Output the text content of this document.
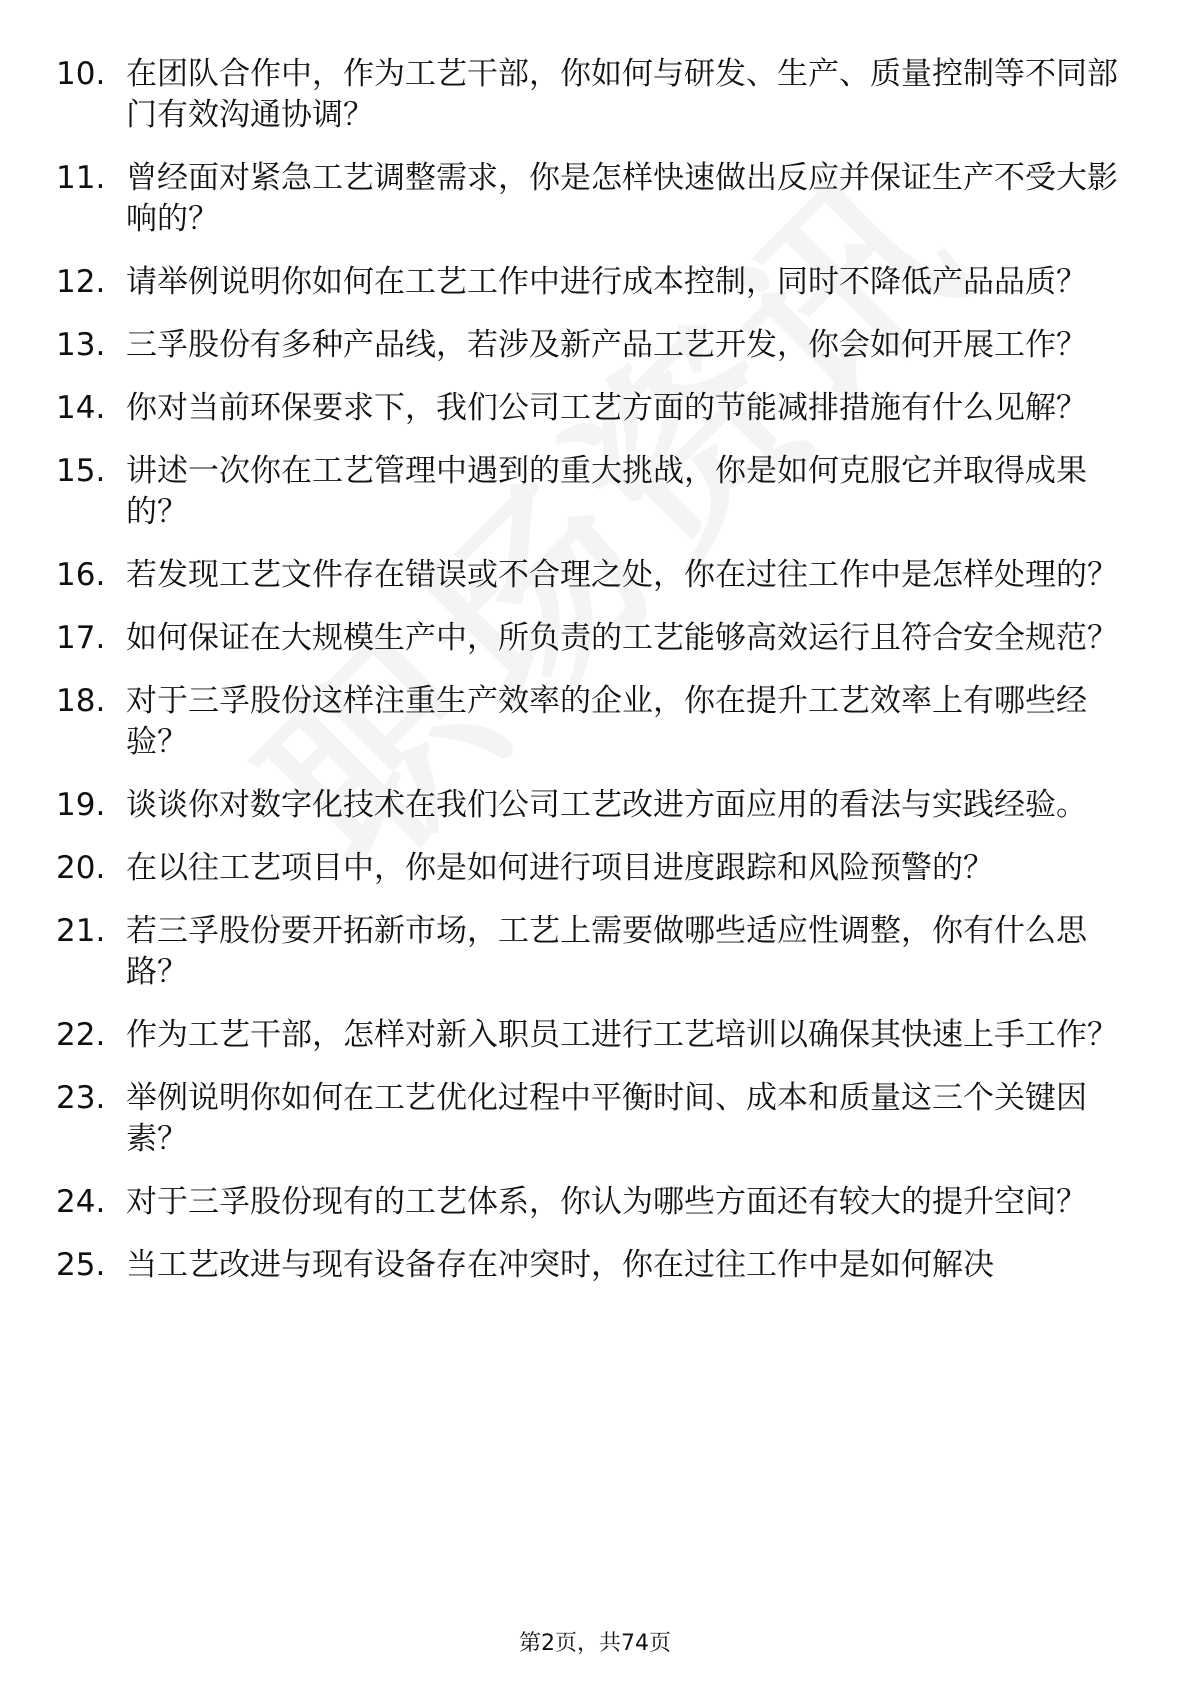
10. 在团队合作中，作为工艺干部，你如何与研发、生产、质量控制等不同部门有效沟通协调？
11. 曾经面对紧急工艺调整需求，你是怎样快速做出反应并保证生产不受大影响的？
12. 请举例说明你如何在工艺工作中进行成本控制，同时不降低产品品质？
13. 三孚股份有多种产品线，若涉及新产品工艺开发，你会如何开展工作？
14. 你对当前环保要求下，我们公司工艺方面的节能减排措施有什么见解？
15. 讲述一次你在工艺管理中遇到的重大挑战，你是如何克服它并取得成果的？
16. 若发现工艺文件存在错误或不合理之处，你在过往工作中是怎样处理的？
17. 如何保证在大规模生产中，所负责的工艺能够高效运行且符合安全规范？
18. 对于三孚股份这样注重生产效率的企业，你在提升工艺效率上有哪些经验？
19. 谈谈你对数字化技术在我们公司工艺改进方面应用的看法与实践经验。
20. 在以往工艺项目中，你是如何进行项目进度跟踪和风险预警的？
21. 若三孚股份要开拓新市场，工艺上需要做哪些适应性调整，你有什么思路？
22. 作为工艺干部，怎样对新入职员工进行工艺培训以确保其快速上手工作？
23. 举例说明你如何在工艺优化过程中平衡时间、成本和质量这三个关键因素？
24. 对于三孚股份现有的工艺体系，你认为哪些方面还有较大的提升空间？
25. 当工艺改进与现有设备存在冲突时，你在过往工作中是如何解决
第2页，共74页
